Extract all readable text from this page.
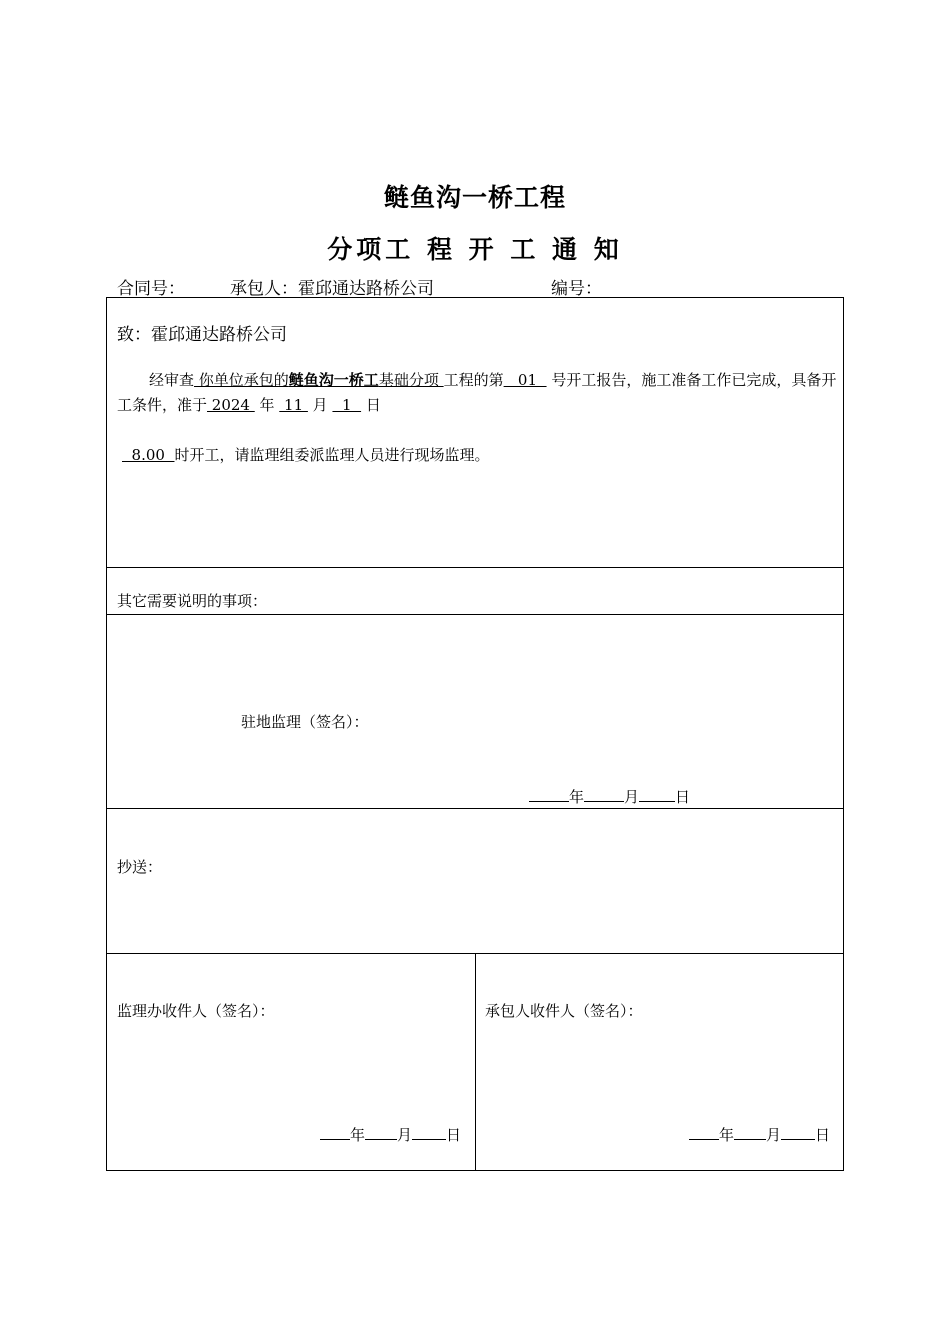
鲢鱼沟一桥工程
分项工 程 开 工 通 知
合同号：	承包人：霍邱通达路桥公司	编号：
致：霍邱通达路桥公司
经审查 你单位承包的鲢鱼沟一桥工基础分项 工程的第   01   号开工报告，施工准备工作已完成，具备开工条件，准于 2024  年  11  月   1   日
8.00  时开工，请监理组委派监理人员进行现场监理。
其它需要说明的事项：
驻地监理（签名）：
年	月 日
抄送：
监理办收件人（签名）：	承包人收件人（签名）：
年 月 日	年 月 日
